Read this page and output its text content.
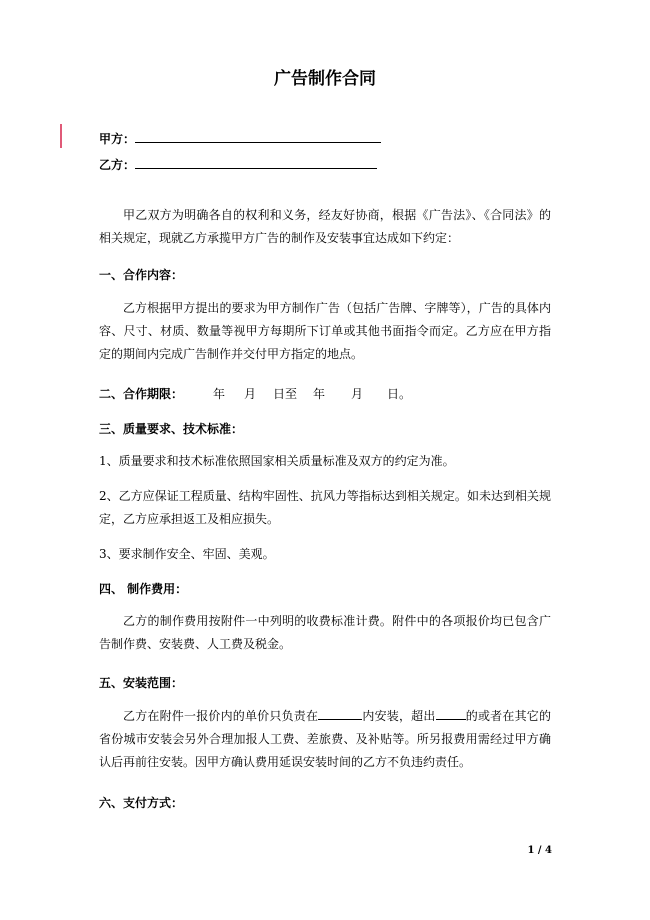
广告制作合同
甲方：
乙方：
甲乙双方为明确各自的权利和义务，经友好协商，根据《广告法》、《合同法》的相关规定，现就乙方承揽甲方广告的制作及安装事宜达成如下约定：
一、合作内容：
乙方根据甲方提出的要求为甲方制作广告（包括广告牌、字牌等），广告的具体内容、尺寸、材质、数量等视甲方每期所下订单或其他书面指令而定。乙方应在甲方指定的期间内完成广告制作并交付甲方指定的地点。
二、合作期限： 年 月 日至 年 月 日。
三、质量要求、技术标准：
1、质量要求和技术标准依照国家相关质量标准及双方的约定为准。
2、乙方应保证工程质量、结构牢固性、抗风力等指标达到相关规定。如未达到相关规定，乙方应承担返工及相应损失。
3、要求制作安全、牢固、美观。
四、 制作费用：
乙方的制作费用按附件一中列明的收费标准计费。附件中的各项报价均已包含广告制作费、安装费、人工费及税金。
五、安装范围：
乙方在附件一报价内的单价只负责在	内安装，超出	的或者在其它的省份城市安装会另外合理加报人工费、差旅费、及补贴等。所另报费用需经过甲方确认后再前往安装。因甲方确认费用延误安装时间的乙方不负违约责任。
六、支付方式：
1 / 4
